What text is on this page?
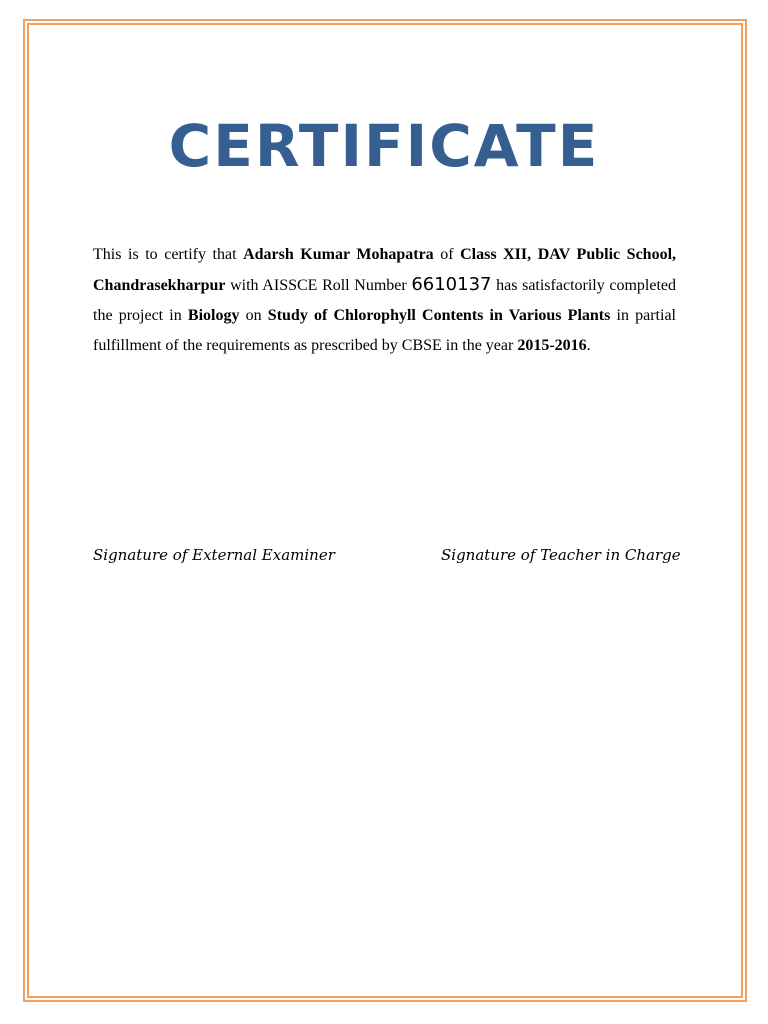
CERTIFICATE

This is to certify that Adarsh Kumar Mohapatra of Class XII, DAV Public School, Chandrasekharpur with AISSCE Roll Number 6610137 has satisfactorily completed the project in Biology on Study of Chlorophyll Contents in Various Plants in partial fulfillment of the requirements as prescribed by CBSE in the year 2015-2016.

Signature of External Examiner	Signature of Teacher in Charge
